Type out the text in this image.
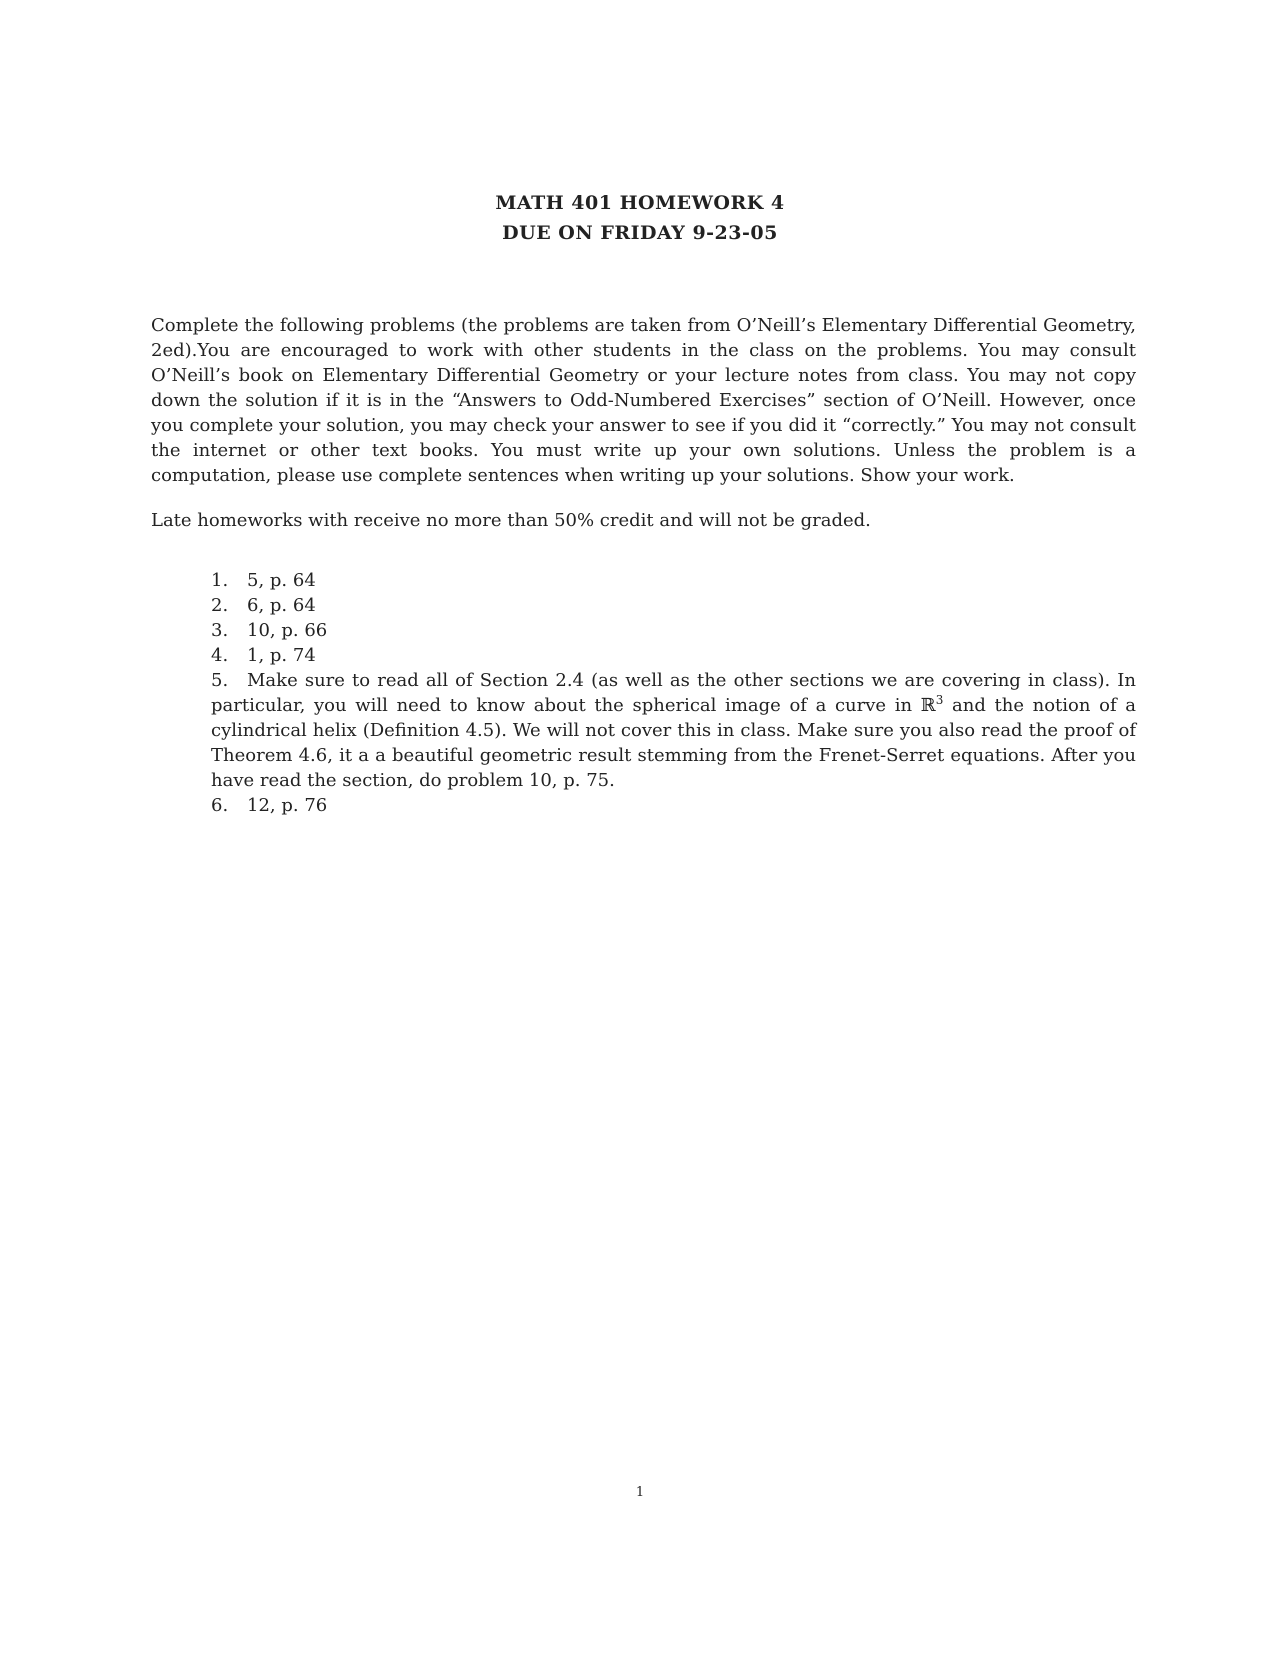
MATH 401 HOMEWORK 4
DUE ON FRIDAY 9-23-05
Complete the following problems (the problems are taken from O’Neill’s Elementary Differential Geometry, 2ed).You are encouraged to work with other students in the class on the problems. You may consult O’Neill’s book on Elementary Differential Geometry or your lecture notes from class. You may not copy down the solution if it is in the “Answers to Odd-Numbered Exercises” section of O’Neill. However, once you complete your solution, you may check your answer to see if you did it “correctly.” You may not consult the internet or other text books. You must write up your own solutions. Unless the problem is a computation, please use complete sentences when writing up your solutions. Show your work.
Late homeworks with receive no more than 50% credit and will not be graded.
1. 5, p. 64
2. 6, p. 64
3. 10, p. 66
4. 1, p. 74
5. Make sure to read all of Section 2.4 (as well as the other sections we are covering in class). In particular, you will need to know about the spherical image of a curve in ℝ$^3$ and the notion of a cylindrical helix (Definition 4.5). We will not cover this in class. Make sure you also read the proof of Theorem 4.6, it a a beautiful geometric result stemming from the Frenet-Serret equations. After you have read the section, do problem 10, p. 75.
6. 12, p. 76
1
